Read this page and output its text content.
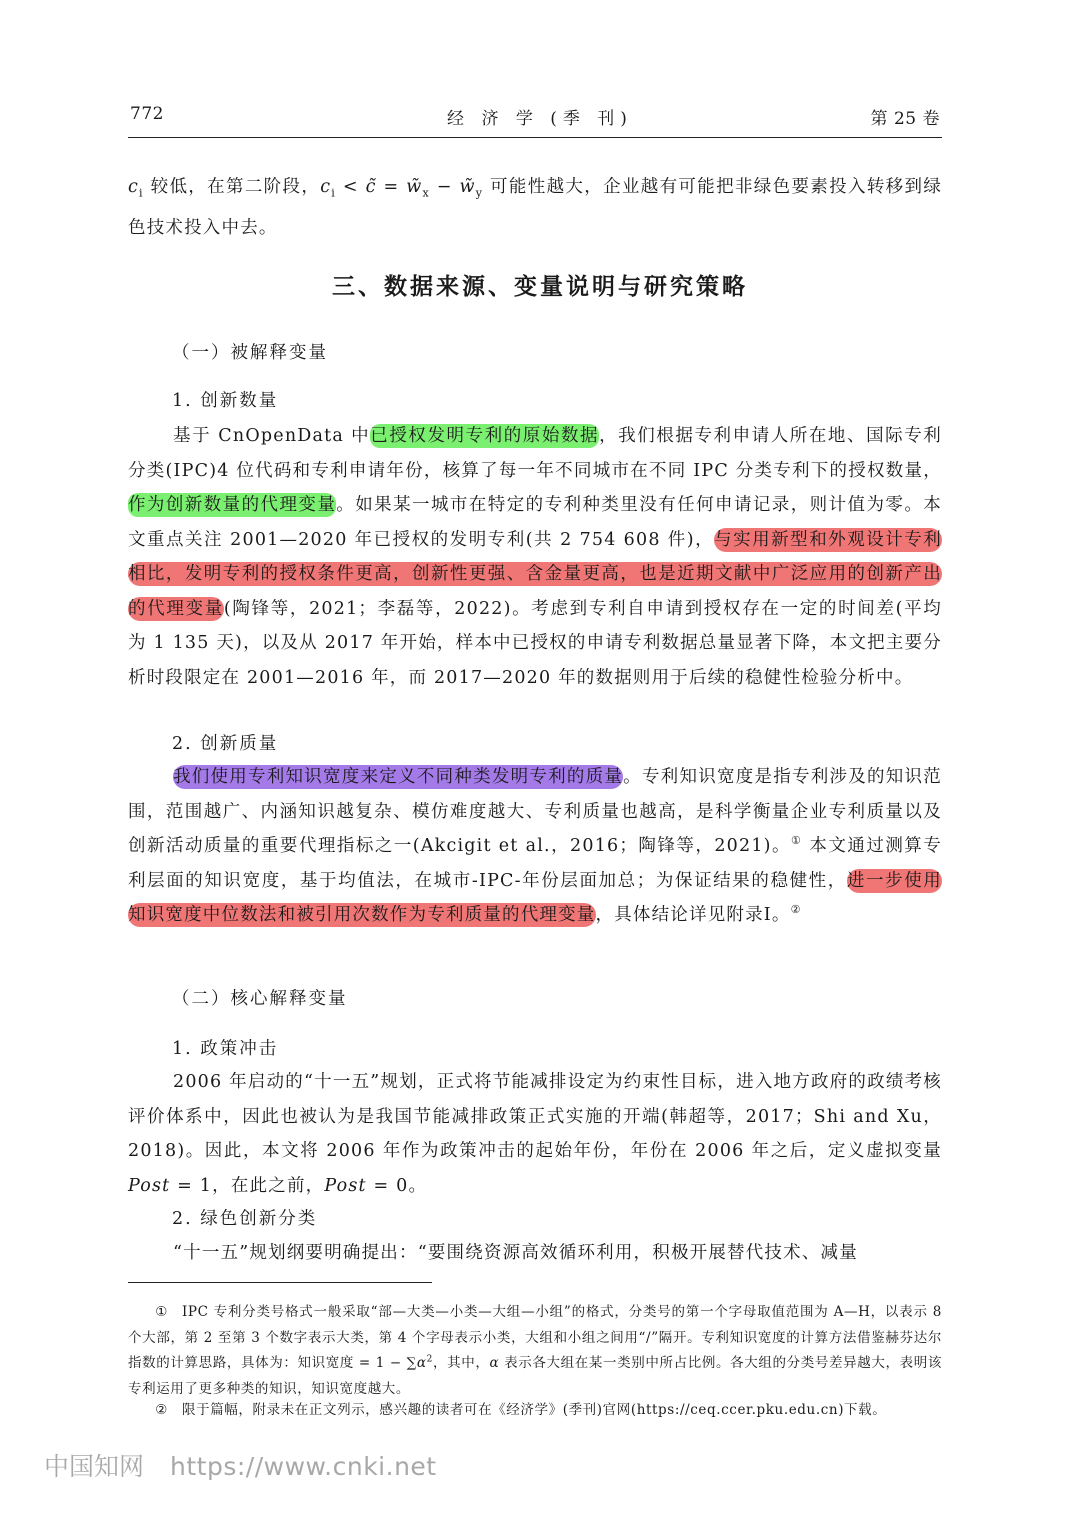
772	经 济 学 (季 刊)	第 25 卷

$c_i$ 较低，在第二阶段，$c_i$ < c̃ = $w̃_x$ − $w̃_y$ 可能性越大，企业越有可能把非绿色要素投入转移到绿色技术投入中去。

三、数据来源、变量说明与研究策略
（一）被解释变量
1. 创新数量

基于 CnOpenData 中已授权发明专利的原始数据，我们根据专利申请人所在地、国际专利分类(IPC)4 位代码和专利申请年份，核算了每一年不同城市在不同 IPC 分类专利下的授权数量，作为创新数量的代理变量。如果某一城市在特定的专利种类里没有任何申请记录，则计值为零。本文重点关注 2001—2020 年已授权的发明专利(共 2 754 608 件)，与实用新型和外观设计专利相比，发明专利的授权条件更高，创新性更强、含金量更高，也是近期文献中广泛应用的创新产出的代理变量(陶锋等，2021；李磊等，2022)。考虑到专利自申请到授权存在一定的时间差(平均为 1 135 天)，以及从 2017 年开始，样本中已授权的申请专利数据总量显著下降，本文把主要分析时段限定在 2001—2016 年，而 2017—2020 年的数据则用于后续的稳健性检验分析中。

2. 创新质量

我们使用专利知识宽度来定义不同种类发明专利的质量。专利知识宽度是指专利涉及的知识范围，范围越广、内涵知识越复杂、模仿难度越大、专利质量也越高，是科学衡量企业专利质量以及创新活动质量的重要代理指标之一(Akcigit et al.，2016；陶锋等，2021)。① 本文通过测算专利层面的知识宽度，基于均值法，在城市-IPC-年份层面加总；为保证结果的稳健性，进一步使用知识宽度中位数法和被引用次数作为专利质量的代理变量，具体结论详见附录Ⅰ。②

（二）核心解释变量
1. 政策冲击

2006 年启动的“十一五”规划，正式将节能减排设定为约束性目标，进入地方政府的政绩考核评价体系中，因此也被认为是我国节能减排政策正式实施的开端(韩超等，2017；Shi and Xu，2018)。因此，本文将 2006 年作为政策冲击的起始年份，年份在 2006 年之后，定义虚拟变量 Post = 1，在此之前，Post = 0。

2. 绿色创新分类

“十一五”规划纲要明确提出：“要围绕资源高效循环利用，积极开展替代技术、减量

① IPC 专利分类号格式一般采取“部—大类—小类—大组—小组”的格式，分类号的第一个字母取值范围为 A—H，以表示 8 个大部，第 2 至第 3 个数字表示大类，第 4 个字母表示小类，大组和小组之间用“/”隔开。专利知识宽度的计算方法借鉴赫芬达尔指数的计算思路，具体为：知识宽度 = $1 - \sum\alpha^2$，其中，α 表示各大组在某一类别中所占比例。各大组的分类号差异越大，表明该专利运用了更多种类的知识，知识宽度越大。
② 限于篇幅，附录未在正文列示，感兴趣的读者可在《经济学》(季刊)官网(https://ceq.ccer.pku.edu.cn)下载。
中国知网 https://www.cnki.net
